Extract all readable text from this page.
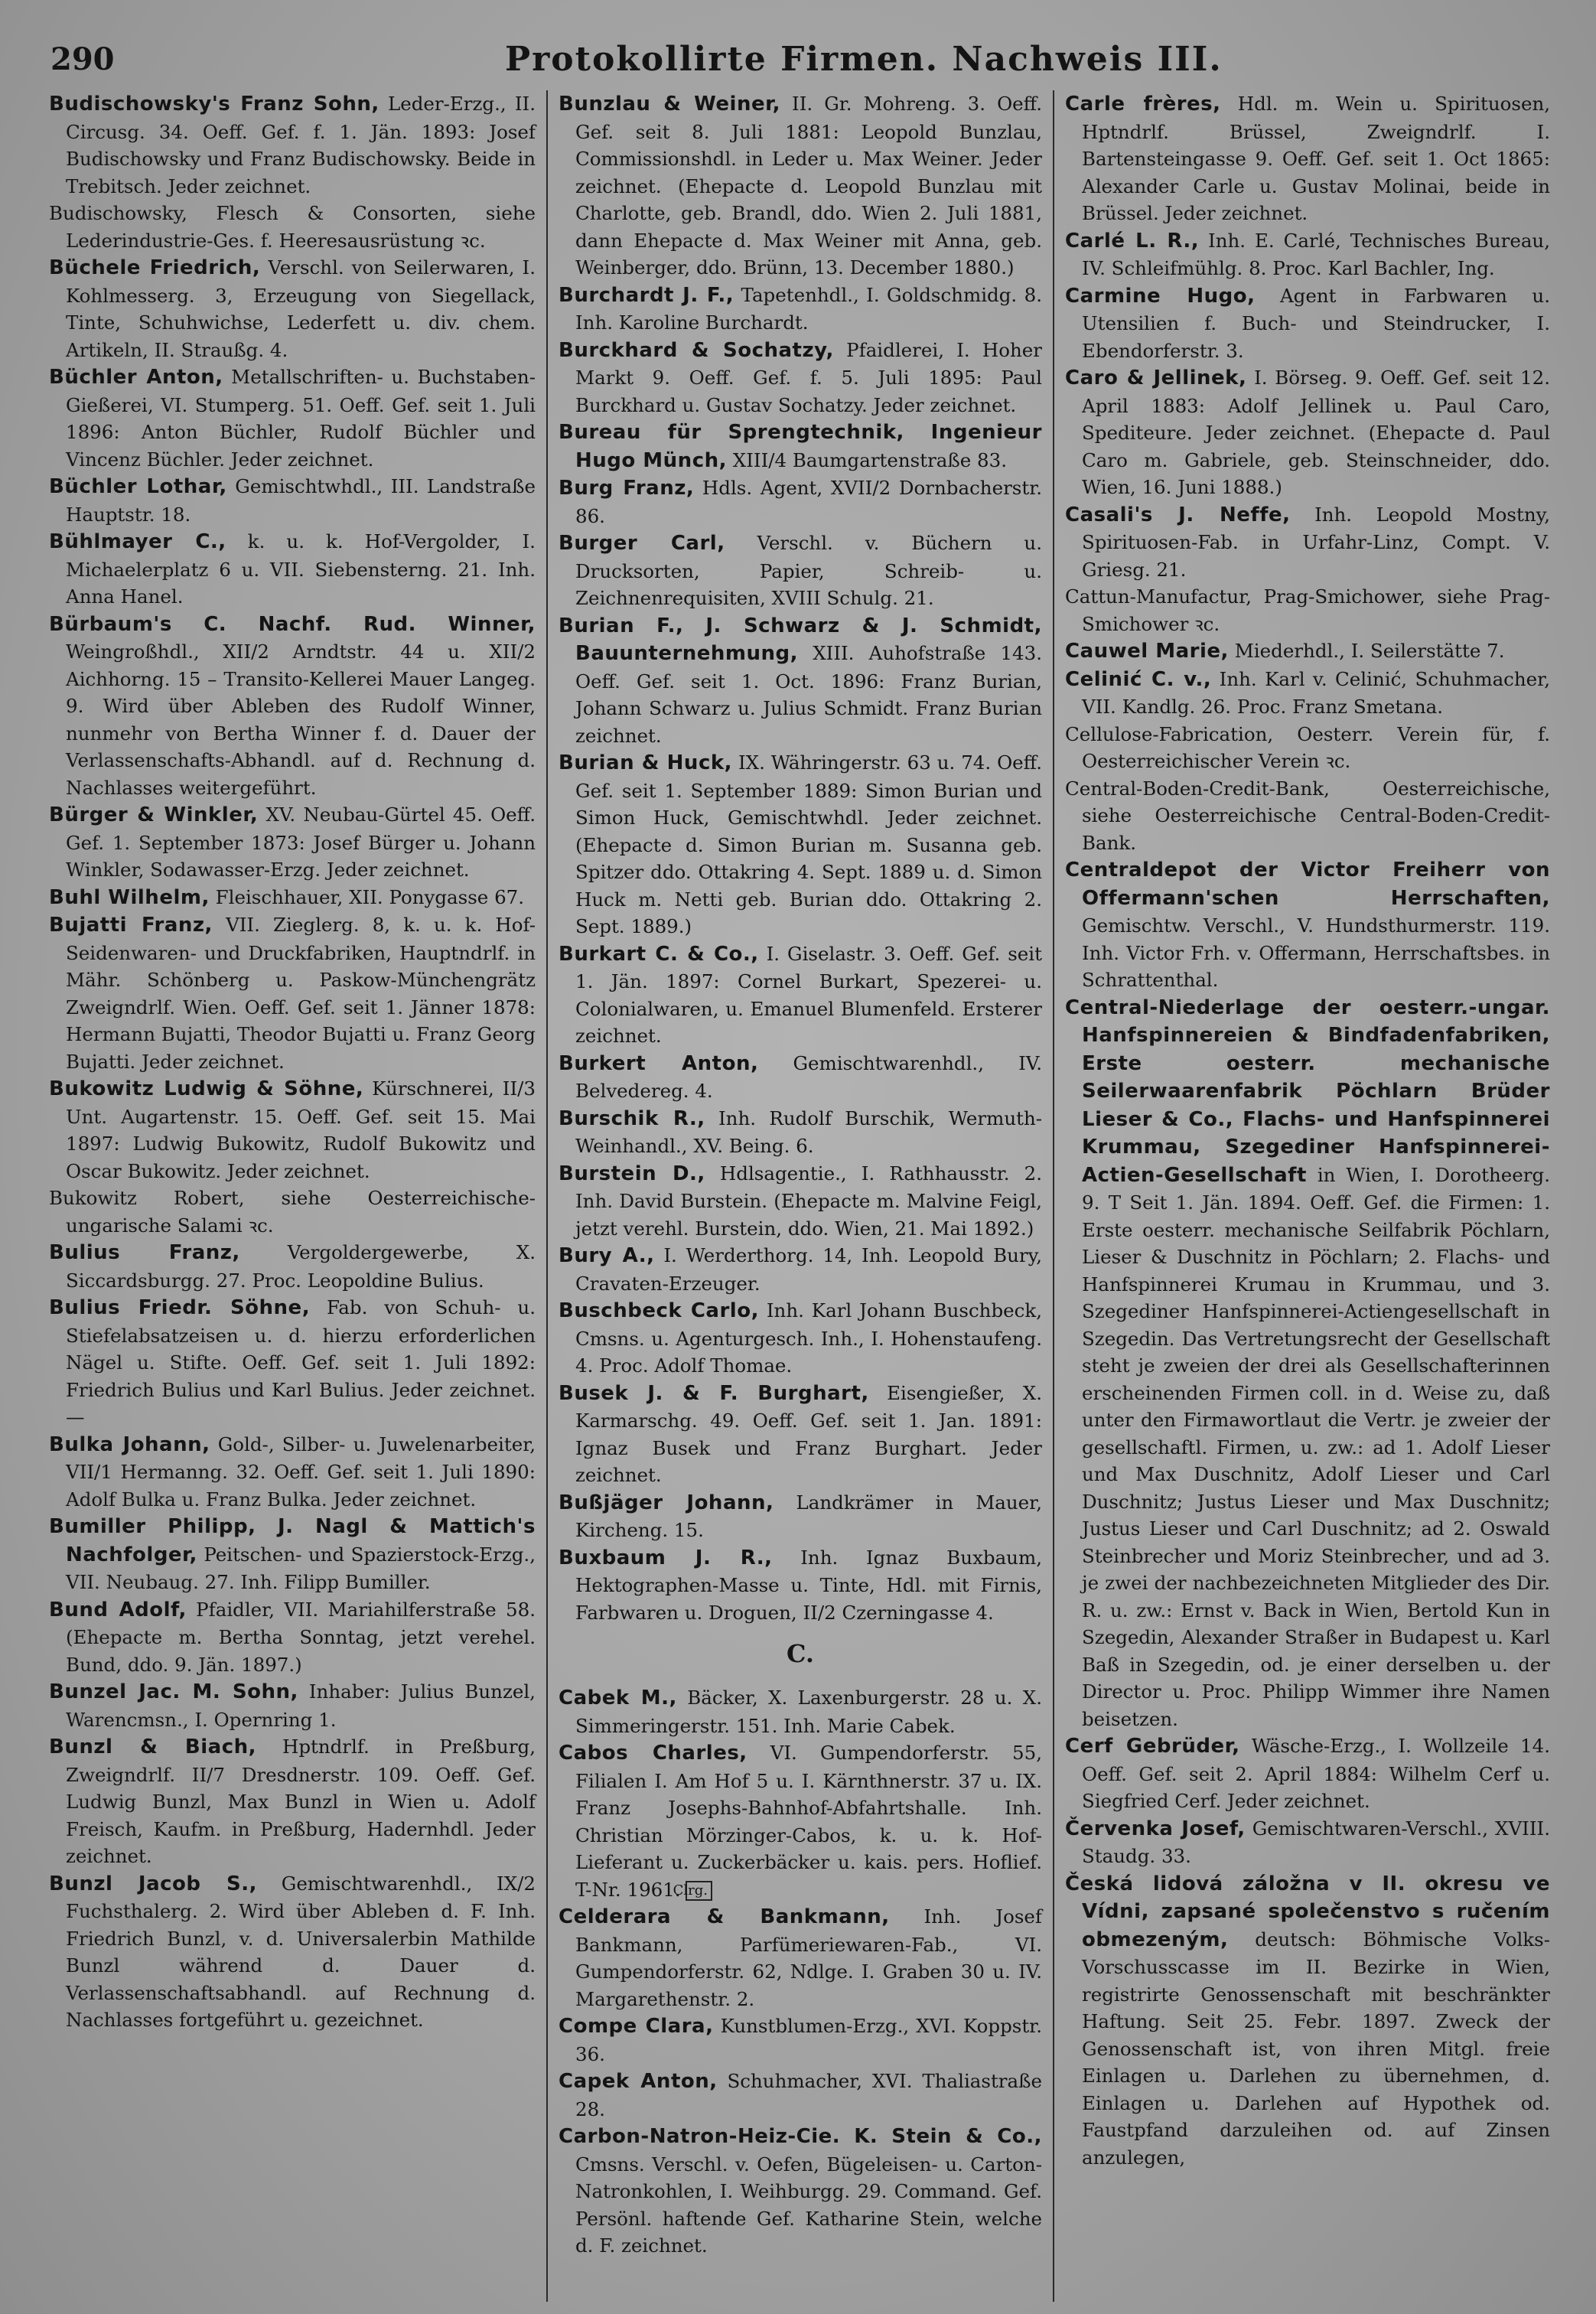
290	Protokollirte Firmen. Nachweis III.
Budischowsky's Franz Sohn, Leder-Erzg., II. Circusg. 34. Oeff. Gef. f. 1. Jän. 1893: Josef Budischowsky und Franz Budischowsky. Beide in Trebitsch. Jeder zeichnet.
Budischowsky, Flesch & Consorten, siehe Lederindustrie-Ges. f. Heeresausrüstung ꝛc.
Büchele Friedrich, Verschl. von Seilerwaren, I. Kohlmesserg. 3, Erzeugung von Siegellack, Tinte, Schuhwichse, Lederfett u. div. chem. Artikeln, II. Straußg. 4.
Büchler Anton, Metallschriften- u. Buchstaben-Gießerei, VI. Stumperg. 51. Oeff. Gef. seit 1. Juli 1896: Anton Büchler, Rudolf Büchler und Vincenz Büchler. Jeder zeichnet.
Büchler Lothar, Gemischtwhdl., III. Landstraße Hauptstr. 18.
Bühlmayer C., k. u. k. Hof-Vergolder, I. Michaelerplatz 6 u. VII. Siebensterng. 21. Inh. Anna Hanel.
Bürbaum's C. Nachf. Rud. Winner, Weingroßhdl., XII/2 Arndtstr. 44 u. XII/2 Aichhorng. 15 – Transito-Kellerei Mauer Langeg. 9. Wird über Ableben des Rudolf Winner, nunmehr von Bertha Winner f. d. Dauer der Verlassenschafts-Abhandl. auf d. Rechnung d. Nachlasses weitergeführt.
Bürger & Winkler, XV. Neubau-Gürtel 45. Oeff. Gef. 1. September 1873: Josef Bürger u. Johann Winkler, Sodawasser-Erzg. Jeder zeichnet.
Buhl Wilhelm, Fleischhauer, XII. Ponygasse 67.
Bujatti Franz, VII. Zieglerg. 8, k. u. k. Hof-Seidenwaren- und Druckfabriken, Hauptndrlf. in Mähr. Schönberg u. Paskow-Münchengrätz Zweigndrlf. Wien. Oeff. Gef. seit 1. Jänner 1878: Hermann Bujatti, Theodor Bujatti u. Franz Georg Bujatti. Jeder zeichnet.
Bukowitz Ludwig & Söhne, Kürschnerei, II/3 Unt. Augartenstr. 15. Oeff. Gef. seit 15. Mai 1897: Ludwig Bukowitz, Rudolf Bukowitz und Oscar Bukowitz. Jeder zeichnet.
Bukowitz Robert, siehe Oesterreichische-ungarische Salami ꝛc.
Bulius Franz,	Vergoldergewerbe, X. Siccardsburgg. 27. Proc. Leopoldine Bulius.
Bulius Friedr. Söhne, Fab. von Schuh- u. Stiefelabsatzeisen u. d. hierzu erforderlichen Nägel u. Stifte. Oeff. Gef. seit 1. Juli 1892: Friedrich Bulius und Karl Bulius. Jeder zeichnet. —
Bulka Johann, Gold-, Silber- u. Juwelenarbeiter, VII/1 Hermanng. 32. Oeff. Gef. seit 1. Juli 1890: Adolf Bulka u. Franz Bulka. Jeder zeichnet.
Bumiller Philipp, J. Nagl & Mattich's Nachfolger, Peitschen- und Spazierstock-Erzg., VII. Neubaug. 27. Inh. Filipp Bumiller.
Bund Adolf, Pfaidler, VII. Mariahilferstraße 58. (Ehepacte m. Bertha Sonntag, jetzt verehel. Bund, ddo. 9. Jän. 1897.)
Bunzel Jac. M. Sohn, Inhaber: Julius Bunzel, Warencmsn., I. Opernring 1.
Bunzl & Biach, Hptndrlf. in Preßburg, Zweigndrlf. II/7 Dresdnerstr. 109. Oeff. Gef. Ludwig Bunzl, Max Bunzl in Wien u. Adolf Freisch, Kaufm. in Preßburg, Hadernhdl. Jeder zeichnet.
Bunzl Jacob S., Gemischtwarenhdl., IX/2 Fuchsthalerg. 2. Wird über Ableben d. F. Inh. Friedrich Bunzl, v. d. Universalerbin Mathilde Bunzl während d. Dauer d. Verlassenschaftsabhandl. auf Rechnung d. Nachlasses fortgeführt u. gezeichnet.
Bunzlau & Weiner, II. Gr. Mohreng. 3. Oeff. Gef. seit 8. Juli 1881: Leopold Bunzlau, Commissionshdl. in Leder u. Max Weiner. Jeder zeichnet. (Ehepacte d. Leopold Bunzlau mit Charlotte, geb. Brandl, ddo. Wien 2. Juli 1881, dann Ehepacte d. Max Weiner mit Anna, geb. Weinberger, ddo. Brünn, 13. December 1880.)
Burchardt J. F., Tapetenhdl., I. Goldschmidg. 8. Inh. Karoline Burchardt.
Burckhard & Sochatzy, Pfaidlerei, I. Hoher Markt 9. Oeff. Gef. f. 5. Juli 1895: Paul Burckhard u. Gustav Sochatzy. Jeder zeichnet.
Bureau für Sprengtechnik, Ingenieur Hugo Münch, XIII/4 Baumgartenstraße 83.
Burg Franz, Hdls. Agent, XVII/2 Dornbacherstr. 86.
Burger Carl, Verschl. v. Büchern u. Drucksorten, Papier, Schreib- u. Zeichnenrequisiten, XVIII Schulg. 21.
Burian F., J. Schwarz & J. Schmidt, Bauunternehmung, XIII. Auhofstraße 143. Oeff. Gef. seit 1. Oct. 1896: Franz Burian, Johann Schwarz u. Julius Schmidt. Franz Burian zeichnet.
Burian & Huck, IX. Währingerstr. 63 u. 74. Oeff. Gef. seit 1. September 1889: Simon Burian und Simon Huck, Gemischtwhdl. Jeder zeichnet. (Ehepacte d. Simon Burian m. Susanna geb. Spitzer ddo. Ottakring 4. Sept. 1889 u. d. Simon Huck m. Netti geb. Burian ddo. Ottakring 2. Sept. 1889.)
Burkart C. & Co., I. Giselastr. 3. Oeff. Gef. seit 1. Jän. 1897: Cornel Burkart, Spezerei- u. Colonialwaren, u. Emanuel Blumenfeld. Ersterer zeichnet.
Burkert Anton, Gemischtwarenhdl., IV. Belvedereg. 4.
Burschik R., Inh. Rudolf Burschik, Wermuth-Weinhandl., XV. Being. 6.
Burstein D., Hdlsagentie., I. Rathhausstr. 2. Inh. David Burstein. (Ehepacte m. Malvine Feigl, jetzt verehl. Burstein, ddo. Wien, 21. Mai 1892.)
Bury A., I. Werderthorg. 14, Inh. Leopold Bury, Cravaten-Erzeuger.
Buschbeck Carlo, Inh. Karl Johann Buschbeck, Cmsns. u. Agenturgesch. Inh., I. Hohenstaufeng. 4. Proc. Adolf Thomae.
Busek J. & F. Burghart, Eisengießer, X. Karmarschg. 49. Oeff. Gef. seit 1. Jan. 1891: Ignaz Busek und Franz Burghart. Jeder zeichnet.
Bußjäger Johann, Landkrämer in Mauer, Kircheng. 15.
Buxbaum J. R., Inh. Ignaz Buxbaum, Hektographen-Masse u. Tinte, Hdl. mit Firnis, Farbwaren u. Droguen, II/2 Czerningasse 4.
C.
Cabek M., Bäcker, X. Laxenburgerstr. 28 u. X. Simmeringerstr. 151. Inh. Marie Cabek.
Cabos Charles, VI. Gumpendorferstr. 55, Filialen I. Am Hof 5 u. I. Kärnthnerstr. 37 u. IX. Franz Josephs-Bahnhof-Abfahrtshalle. Inh. Christian Mörzinger-Cabos, k. u. k. Hof-Lieferant u. Zuckerbäcker u. kais. pers. Hoflief. T-Nr. 1961.Clrg.
Celderara & Bankmann, Inh. Josef Bankmann, Parfümeriewaren-Fab., VI. Gumpendorferstr. 62, Ndlge. I. Graben 30 u. IV. Margarethenstr. 2.
Compe Clara, Kunstblumen-Erzg., XVI. Koppstr. 36.
Capek Anton, Schuhmacher, XVI. Thaliastraße 28.
Carbon-Natron-Heiz-Cie. K. Stein & Co., Cmsns. Verschl. v. Oefen, Bügeleisen- u. Carton-Natronkohlen, I. Weihburgg. 29. Command. Gef. Persönl. haftende Gef. Katharine Stein, welche d. F. zeichnet.
Carle frères, Hdl. m. Wein u. Spirituosen, Hptndrlf. Brüssel, Zweigndrlf. I. Bartensteingasse 9. Oeff. Gef. seit 1. Oct 1865: Alexander Carle u. Gustav Molinai, beide in Brüssel. Jeder zeichnet.
Carlé L. R., Inh. E. Carlé, Technisches Bureau, IV. Schleifmühlg. 8. Proc. Karl Bachler, Ing.
Carmine Hugo, Agent in Farbwaren u. Utensilien f. Buch- und Steindrucker, I. Ebendorferstr. 3.
Caro & Jellinek, I. Börseg. 9. Oeff. Gef. seit 12. April 1883: Adolf Jellinek u. Paul Caro, Spediteure. Jeder zeichnet. (Ehepacte d. Paul Caro m. Gabriele, geb. Steinschneider, ddo. Wien, 16. Juni 1888.)
Casali's J. Neffe, Inh. Leopold Mostny, Spirituosen-Fab. in Urfahr-Linz, Compt. V. Griesg. 21.
Cattun-Manufactur, Prag-Smichower, siehe Prag-Smichower ꝛc.
Cauwel Marie, Miederhdl., I. Seilerstätte 7.
Celinić C. v., Inh. Karl v. Celinić, Schuhmacher, VII. Kandlg. 26. Proc. Franz Smetana.
Cellulose-Fabrication, Oesterr. Verein für, f. Oesterreichischer Verein ꝛc.
Central-Boden-Credit-Bank, Oesterreichische, siehe Oesterreichische Central-Boden-Credit-Bank.
Centraldepot der Victor Freiherr von Offermann'schen Herrschaften, Gemischtw. Verschl., V. Hundsthurmerstr. 119. Inh. Victor Frh. v. Offermann, Herrschaftsbes. in Schrattenthal.
Central-Niederlage der oesterr.-ungar. Hanfspinnereien & Bindfadenfabriken, Erste oesterr. mechanische Seilerwaarenfabrik Pöchlarn Brüder Lieser & Co., Flachs- und Hanfspinnerei Krummau, Szegediner Hanfspinnerei-Actien-Gesellschaft in Wien, I. Dorotheerg. 9. T Seit 1. Jän. 1894. Oeff. Gef. die Firmen: 1. Erste oesterr. mechanische Seilfabrik Pöchlarn, Lieser & Duschnitz in Pöchlarn; 2. Flachs- und Hanfspinnerei Krumau in Krummau, und 3. Szegediner Hanfspinnerei-Actiengesellschaft in Szegedin. Das Vertretungsrecht der Gesellschaft steht je zweien der drei als Gesellschafterinnen erscheinenden Firmen coll. in d. Weise zu, daß unter den Firmawortlaut die Vertr. je zweier der gesellschaftl. Firmen, u. zw.: ad 1. Adolf Lieser und Max Duschnitz, Adolf Lieser und Carl Duschnitz; Justus Lieser und Max Duschnitz; Justus Lieser und Carl Duschnitz; ad 2. Oswald Steinbrecher und Moriz Steinbrecher, und ad 3. je zwei der nachbezeichneten Mitglieder des Dir. R. u. zw.: Ernst v. Back in Wien, Bertold Kun in Szegedin, Alexander Straßer in Budapest u. Karl Baß in Szegedin, od. je einer derselben u. der Director u. Proc. Philipp Wimmer ihre Namen beisetzen.
Cerf Gebrüder, Wäsche-Erzg., I. Wollzeile 14. Oeff. Gef. seit 2. April 1884: Wilhelm Cerf u. Siegfried Cerf. Jeder zeichnet.
Červenka Josef, Gemischtwaren-Verschl., XVIII. Staudg. 33.
Česká lidová záložna v II. okresu ve Vídni, zapsané společenstvo s ručením obmezeným, deutsch: Böhmische Volks-Vorschusscasse im II. Bezirke in Wien, registrirte Genossenschaft mit beschränkter Haftung. Seit 25. Febr. 1897. Zweck der Genossenschaft ist, von ihren Mitgl. freie Einlagen u. Darlehen zu übernehmen, d. Einlagen u. Darlehen auf Hypothek od. Faustpfand darzuleihen od. auf Zinsen anzulegen,
